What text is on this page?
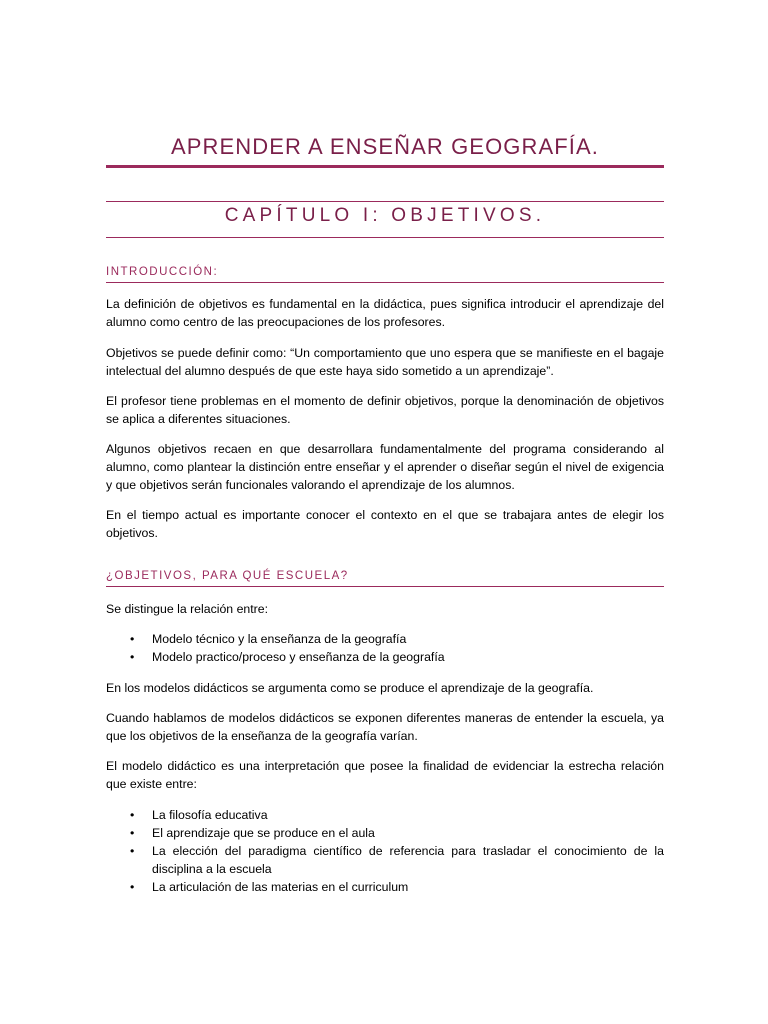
APRENDER A ENSEÑAR GEOGRAFÍA.
CAPÍTULO I: OBJETIVOS.
INTRODUCCIÓN:

La definición de objetivos es fundamental en la didáctica, pues significa introducir el aprendizaje del alumno como centro de las preocupaciones de los profesores.

Objetivos se puede definir como: “Un comportamiento que uno espera que se manifieste en el bagaje intelectual del alumno después de que este haya sido sometido a un aprendizaje”.

El profesor tiene problemas en el momento de definir objetivos, porque la denominación de objetivos se aplica a diferentes situaciones.

Algunos objetivos recaen en que desarrollara fundamentalmente del programa considerando al alumno, como plantear la distinción entre enseñar y el aprender o diseñar según el nivel de exigencia y que objetivos serán funcionales valorando el aprendizaje de los alumnos.

En el tiempo actual es importante conocer el contexto en el que se trabajara antes de elegir los objetivos.

¿OBJETIVOS, PARA QUÉ ESCUELA?

Se distingue la relación entre:

• Modelo técnico y la enseñanza de la geografía
• Modelo practico/proceso y enseñanza de la geografía

En los modelos didácticos se argumenta como se produce el aprendizaje de la geografía.

Cuando hablamos de modelos didácticos se exponen diferentes maneras de entender la escuela, ya que los objetivos de la enseñanza de la geografía varían.

El modelo didáctico es una interpretación que posee la finalidad de evidenciar la estrecha relación que existe entre:

• La filosofía educativa
• El aprendizaje que se produce en el aula
• La elección del paradigma científico de referencia para trasladar el conocimiento de la disciplina a la escuela
• La articulación de las materias en el curriculum
